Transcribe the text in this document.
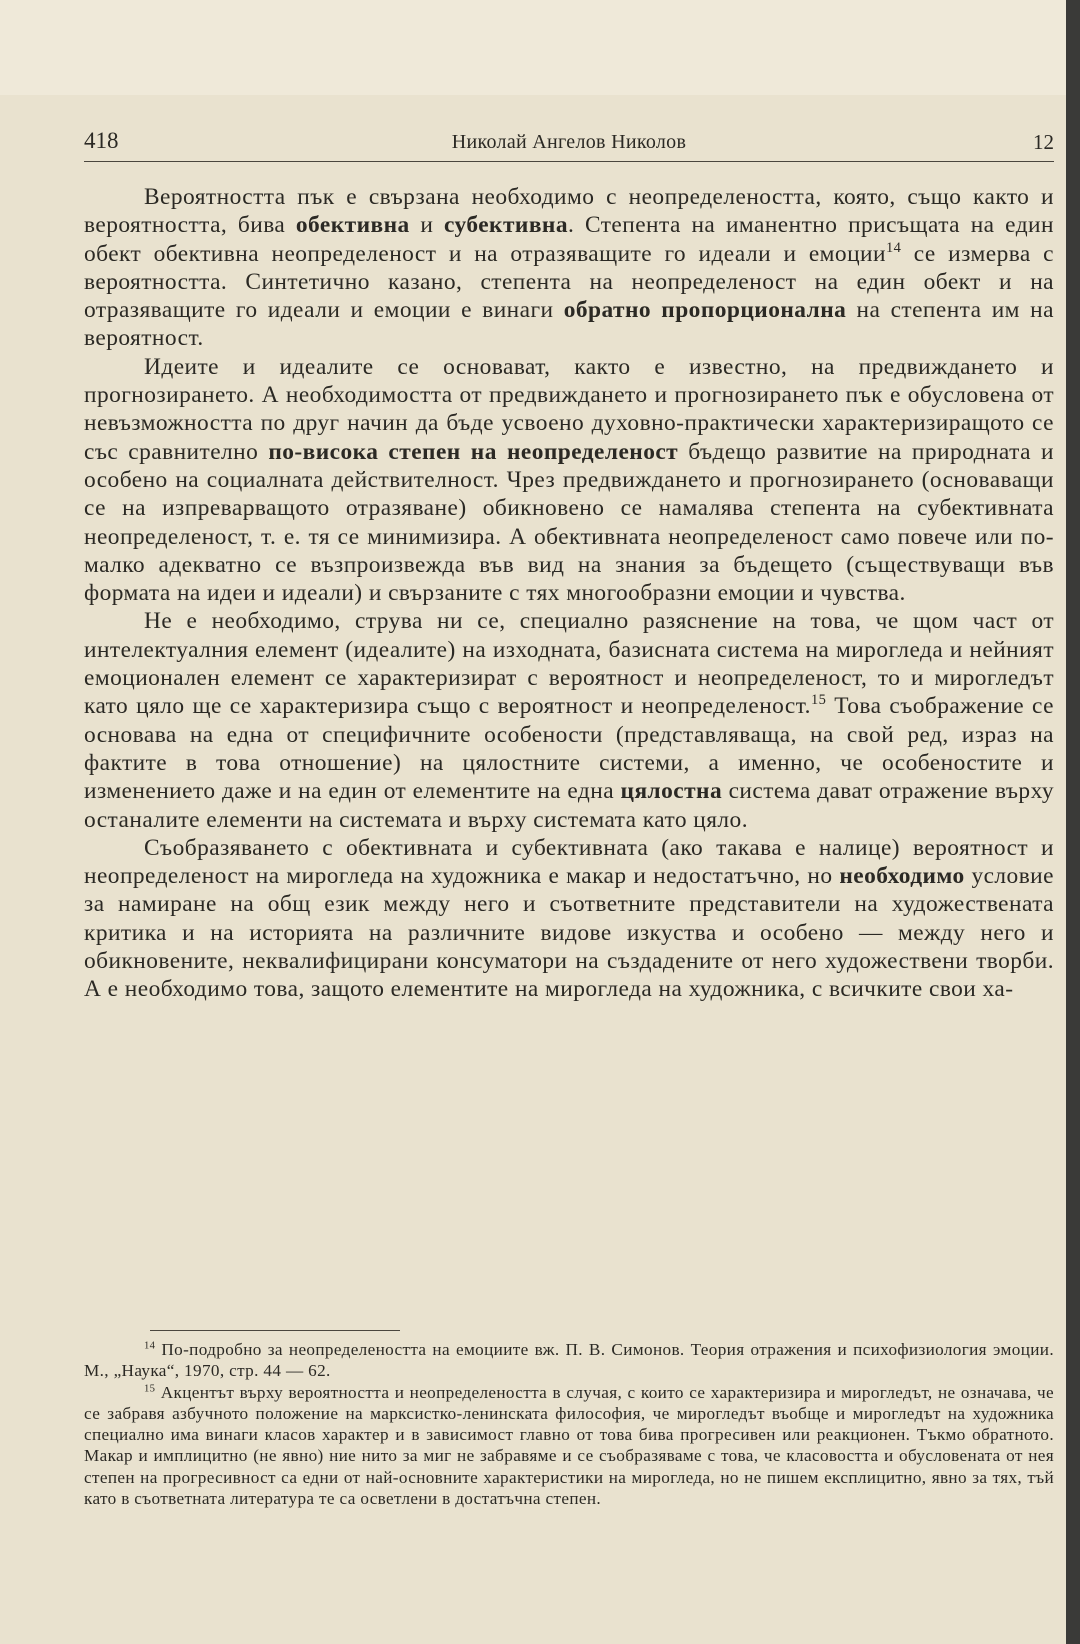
418	Николай Ангелов Николов	12

Вероятността пък е свързана необходимо с неопределеността, която, също както и вероятността, бива обективна и субективна. Степента на иманентно присъщата на един обект обективна неопределеност и на отразяващите го идеали и емоции$^{14}$ се измерва с вероятността. Синтетично казано, степента на неопределеност на един обект и на отразяващите го идеали и емоции е винаги обратно пропорционална на степента им на вероятност.

Идеите и идеалите се основават, както е известно, на предвиждането и прогнозирането. А необходимостта от предвиждането и прогнозирането пък е обусловена от невъзможността по друг начин да бъде усвоено духовно-практически характеризиращото се със сравнително по-висока степен на неопределеност бъдещо развитие на природната и особено на социалната действителност. Чрез предвиждането и прогнозирането (основаващи се на изпреварващото отразяване) обикновено се намалява степента на субективната неопределеност, т. е. тя се минимизира. А обективната неопределеност само повече или по-малко адекватно се възпроизвежда във вид на знания за бъдещето (съществуващи във формата на идеи и идеали) и свързаните с тях многообразни емоции и чувства.

Не е необходимо, струва ни се, специално разяснение на това, че щом част от интелектуалния елемент (идеалите) на изходната, базисната система на мирогледа и нейният емоционален елемент се характеризират с вероятност и неопределеност, то и мирогледът като цяло ще се характеризира също с вероятност и неопределеност.$^{15}$ Това съображение се основава на една от специфичните особености (представляваща, на свой ред, израз на фактите в това отношение) на цялостните системи, а именно, че особеностите и изменението даже и на един от елементите на една цялостна система дават отражение върху останалите елементи на системата и върху системата като цяло.

Съобразяването с обективната и субективната (ако такава е налице) вероятност и неопределеност на мирогледа на художника е макар и недостатъчно, но необходимо условие за намиране на общ език между него и съответните представители на художествената критика и на историята на различните видове изкуства и особено — между него и обикновените, неквалифицирани консуматори на създадените от него художествени творби. А е необходимо това, защото елементите на мирогледа на художника, с всичките свои ха-

$^{14}$ По-подробно за неопределеността на емоциите вж. П. В. Симонов. Теория отражения и психофизиология эмоции. М., „Наука“, 1970, стр. 44 — 62.

$^{15}$ Акцентът върху вероятността и неопределеността в случая, с които се характеризира и мирогледът, не означава, че се забравя азбучното положение на марксистко-ленинската философия, че мирогледът въобще и мирогледът на художника специално има винаги класов характер и в зависимост главно от това бива прогресивен или реакционен. Тъкмо обратното. Макар и имплицитно (не явно) ние нито за миг не забравяме и се съобразяваме с това, че класовостта и обусловената от нея степен на прогресивност са едни от най-основните характеристики на мирогледа, но не пишем експлицитно, явно за тях, тъй като в съответната литература те са осветлени в достатъчна степен.
